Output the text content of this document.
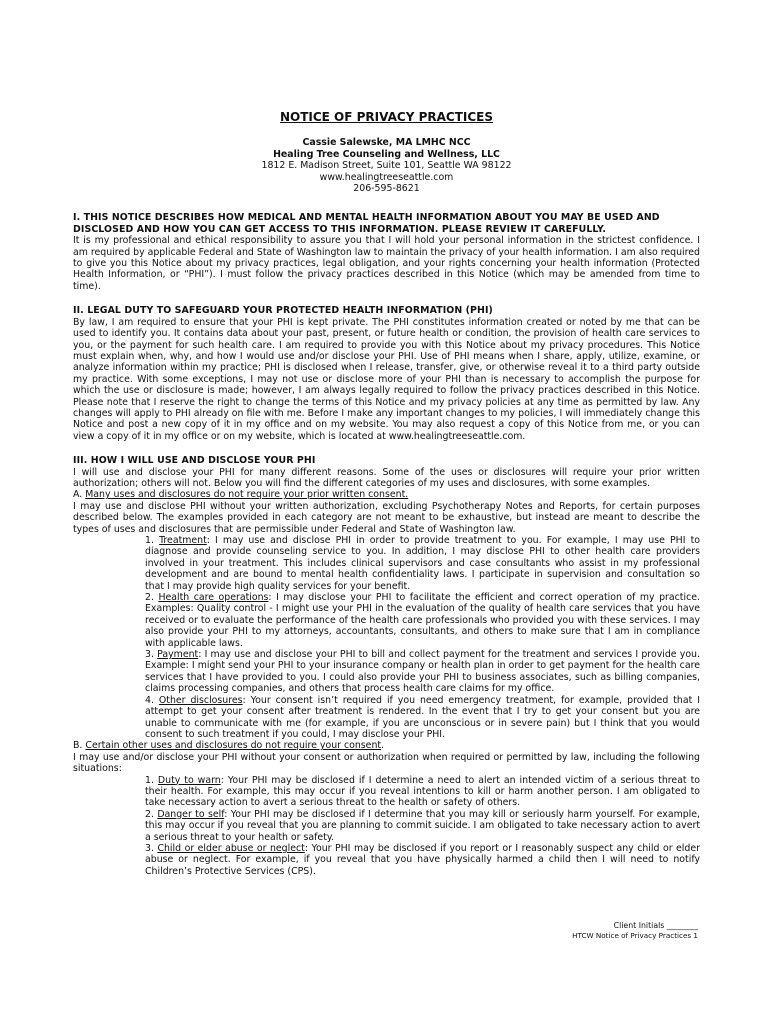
NOTICE OF PRIVACY PRACTICES
Cassie Salewske, MA LMHC NCC
Healing Tree Counseling and Wellness, LLC
1812 E. Madison Street, Suite 101, Seattle WA 98122
www.healingtreeseattle.com
206-595-8621
I. THIS NOTICE DESCRIBES HOW MEDICAL AND MENTAL HEALTH INFORMATION ABOUT YOU MAY BE USED AND DISCLOSED AND HOW YOU CAN GET ACCESS TO THIS INFORMATION. PLEASE REVIEW IT CAREFULLY.

It is my professional and ethical responsibility to assure you that I will hold your personal information in the strictest confidence. I am required by applicable Federal and State of Washington law to maintain the privacy of your health information. I am also required to give you this Notice about my privacy practices, legal obligation, and your rights concerning your health information (Protected Health Information, or “PHI”). I must follow the privacy practices described in this Notice (which may be amended from time to time).

II. LEGAL DUTY TO SAFEGUARD YOUR PROTECTED HEALTH INFORMATION (PHI)

By law, I am required to ensure that your PHI is kept private. The PHI constitutes information created or noted by me that can be used to identify you. It contains data about your past, present, or future health or condition, the provision of health care services to you, or the payment for such health care. I am required to provide you with this Notice about my privacy procedures. This Notice must explain when, why, and how I would use and/or disclose your PHI. Use of PHI means when I share, apply, utilize, examine, or analyze information within my practice; PHI is disclosed when I release, transfer, give, or otherwise reveal it to a third party outside my practice. With some exceptions, I may not use or disclose more of your PHI than is necessary to accomplish the purpose for which the use or disclosure is made; however, I am always legally required to follow the privacy practices described in this Notice. Please note that I reserve the right to change the terms of this Notice and my privacy policies at any time as permitted by law. Any changes will apply to PHI already on file with me. Before I make any important changes to my policies, I will immediately change this Notice and post a new copy of it in my office and on my website. You may also request a copy of this Notice from me, or you can view a copy of it in my office or on my website, which is located at www.healingtreeseattle.com.

III. HOW I WILL USE AND DISCLOSE YOUR PHI

I will use and disclose your PHI for many different reasons. Some of the uses or disclosures will require your prior written authorization; others will not. Below you will find the different categories of my uses and disclosures, with some examples.

A. Many uses and disclosures do not require your prior written consent.

I may use and disclose PHI without your written authorization, excluding Psychotherapy Notes and Reports, for certain purposes described below. The examples provided in each category are not meant to be exhaustive, but instead are meant to describe the types of uses and disclosures that are permissible under Federal and State of Washington law.

1. Treatment: I may use and disclose PHI in order to provide treatment to you. For example, I may use PHI to diagnose and provide counseling service to you. In addition, I may disclose PHI to other health care providers involved in your treatment. This includes clinical supervisors and case consultants who assist in my professional development and are bound to mental health confidentiality laws. I participate in supervision and consultation so that I may provide high quality services for your benefit.

2. Health care operations: I may disclose your PHI to facilitate the efficient and correct operation of my practice. Examples: Quality control - I might use your PHI in the evaluation of the quality of health care services that you have received or to evaluate the performance of the health care professionals who provided you with these services. I may also provide your PHI to my attorneys, accountants, consultants, and others to make sure that I am in compliance with applicable laws.

3. Payment: I may use and disclose your PHI to bill and collect payment for the treatment and services I provide you. Example: I might send your PHI to your insurance company or health plan in order to get payment for the health care services that I have provided to you. I could also provide your PHI to business associates, such as billing companies, claims processing companies, and others that process health care claims for my office.

4. Other disclosures: Your consent isn’t required if you need emergency treatment, for example, provided that I attempt to get your consent after treatment is rendered. In the event that I try to get your consent but you are unable to communicate with me (for example, if you are unconscious or in severe pain) but I think that you would consent to such treatment if you could, I may disclose your PHI.

B. Certain other uses and disclosures do not require your consent.

I may use and/or disclose your PHI without your consent or authorization when required or permitted by law, including the following situations:

1. Duty to warn: Your PHI may be disclosed if I determine a need to alert an intended victim of a serious threat to their health. For example, this may occur if you reveal intentions to kill or harm another person. I am obligated to take necessary action to avert a serious threat to the health or safety of others.

2. Danger to self: Your PHI may be disclosed if I determine that you may kill or seriously harm yourself. For example, this may occur if you reveal that you are planning to commit suicide. I am obligated to take necessary action to avert a serious threat to your health or safety.

3. Child or elder abuse or neglect: Your PHI may be disclosed if you report or I reasonably suspect any child or elder abuse or neglect. For example, if you reveal that you have physically harmed a child then I will need to notify Children’s Protective Services (CPS).

Client Initials ________
HTCW Notice of Privacy Practices 1
